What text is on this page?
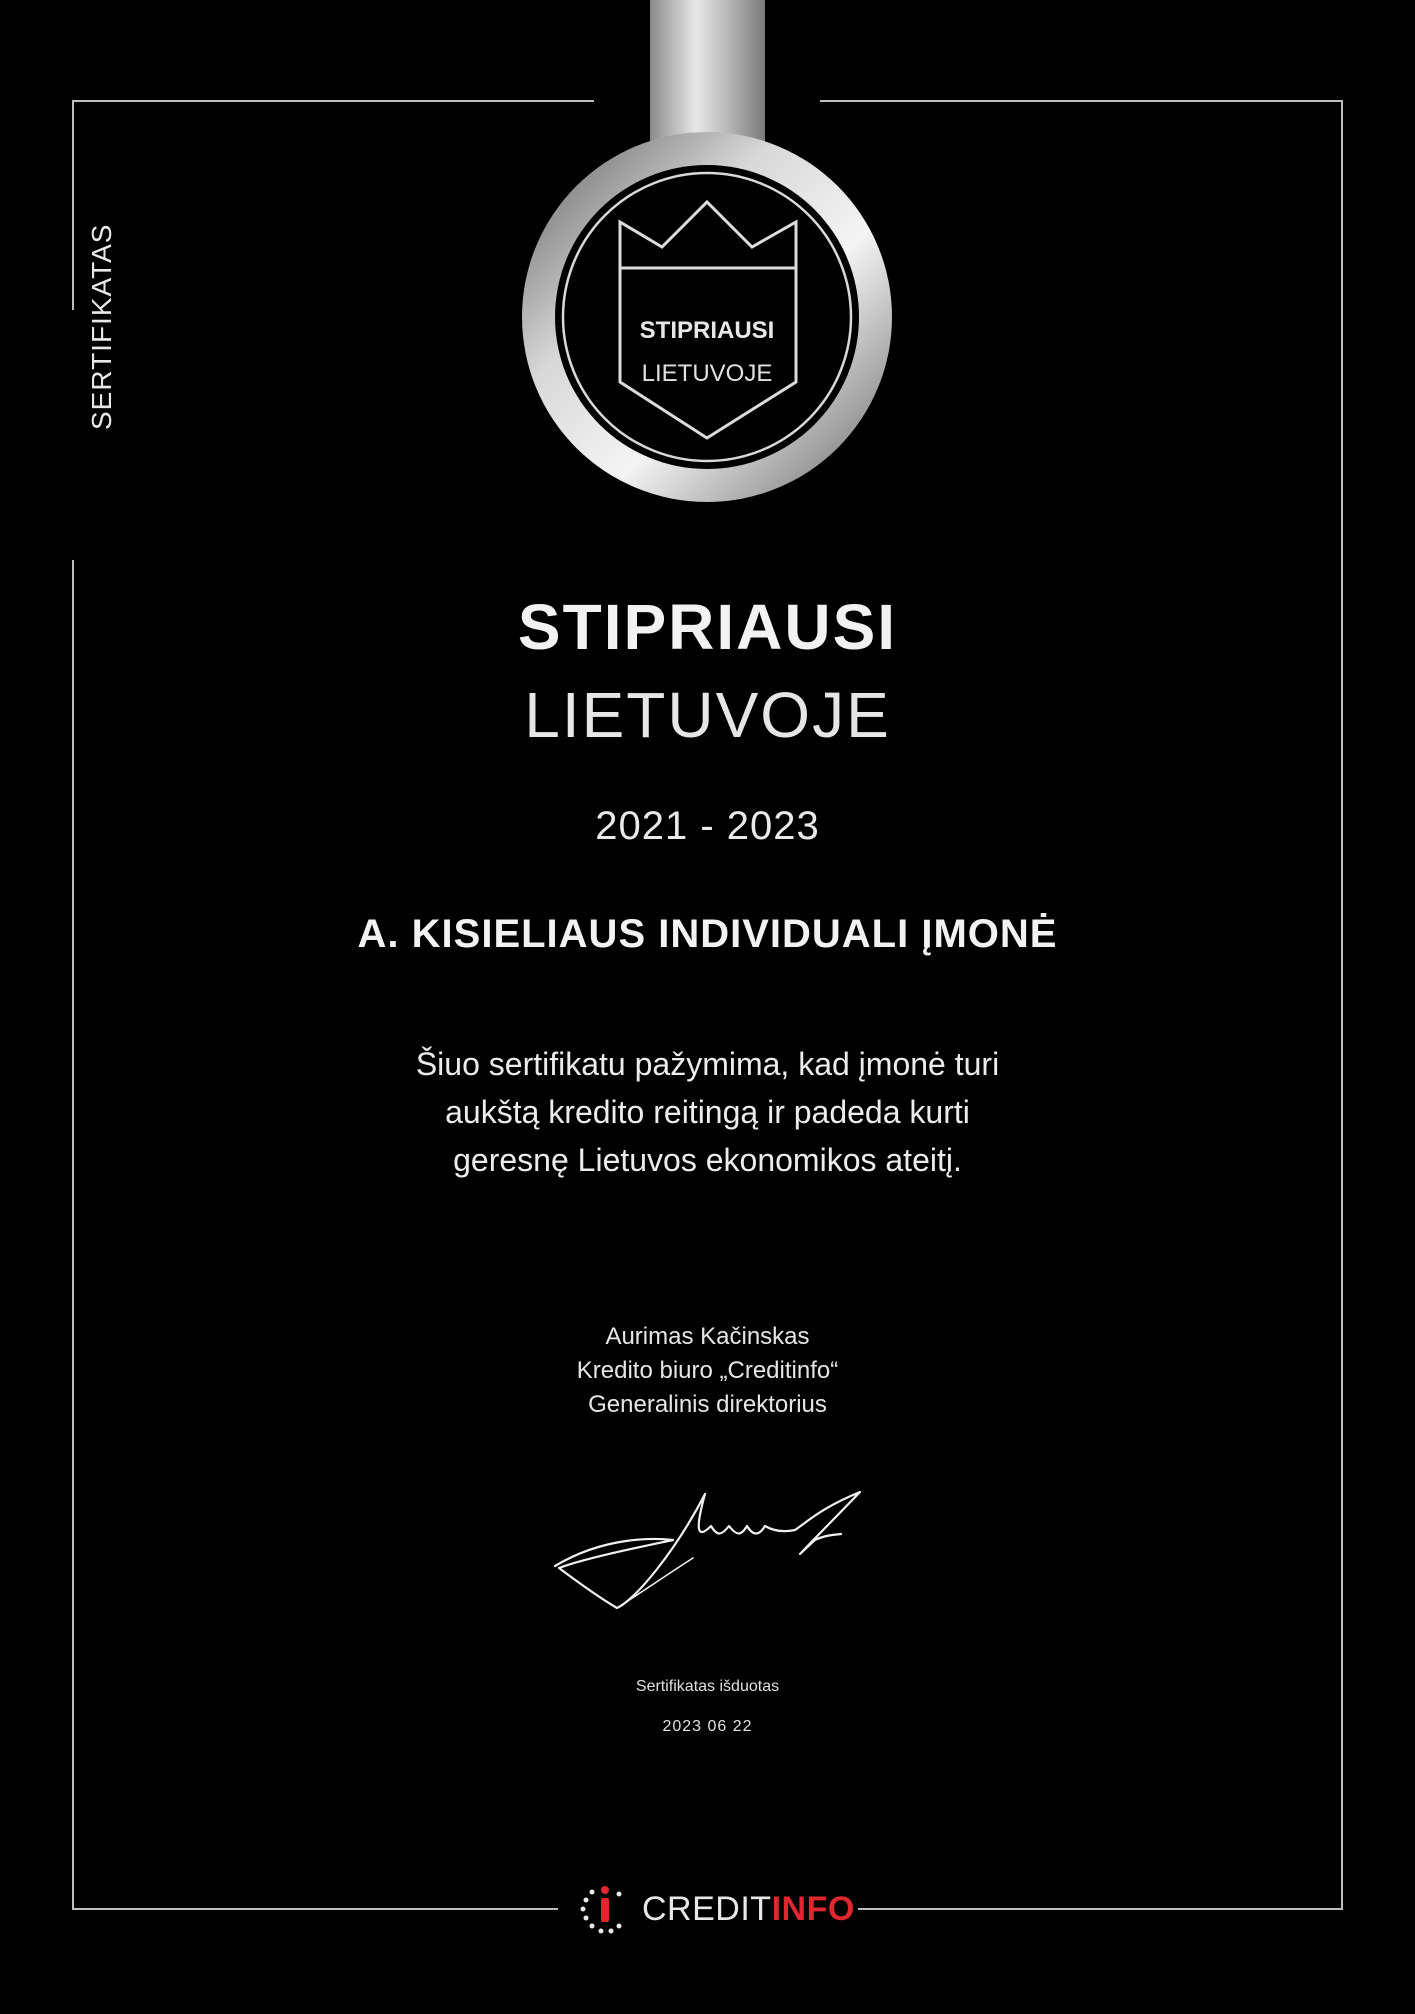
SERTIFIKATAS	STIPRIAUSI
LIETUVOJE
STIPRIAUSI
LIETUVOJE
2021 - 2023
A. KISIELIAUS INDIVIDUALI ĮMONĖ
Šiuo sertifikatu pažymima, kad įmonė turi
aukštą kredito reitingą ir padeda kurti
geresnę Lietuvos ekonomikos ateitį.
Aurimas Kačinskas
Kredito biuro „Creditinfo“
Generalinis direktorius
Sertifikatas išduotas
2023 06 22
CREDITINFO
